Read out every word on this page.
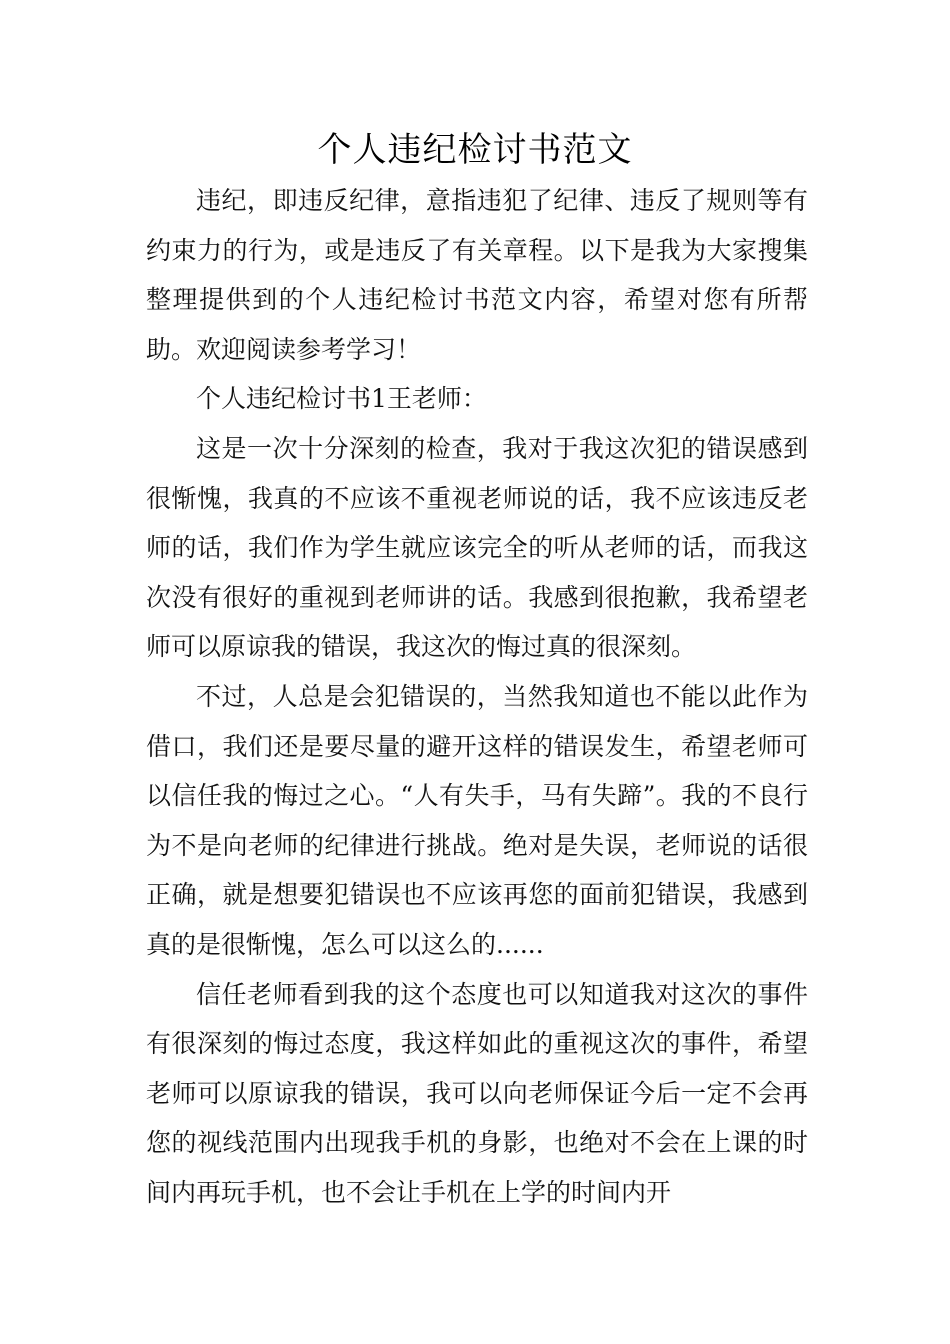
个人违纪检讨书范文

违纪，即违反纪律，意指违犯了纪律、违反了规则等有约束力的行为，或是违反了有关章程。以下是我为大家搜集整理提供到的个人违纪检讨书范文内容，希望对您有所帮助。欢迎阅读参考学习！

个人违纪检讨书1王老师：

这是一次十分深刻的检查，我对于我这次犯的错误感到很惭愧，我真的不应该不重视老师说的话，我不应该违反老师的话，我们作为学生就应该完全的听从老师的话，而我这次没有很好的重视到老师讲的话。我感到很抱歉，我希望老师可以原谅我的错误，我这次的悔过真的很深刻。

不过，人总是会犯错误的，当然我知道也不能以此作为借口，我们还是要尽量的避开这样的错误发生，希望老师可以信任我的悔过之心。“人有失手，马有失蹄”。我的不良行为不是向老师的纪律进行挑战。绝对是失误，老师说的话很正确，就是想要犯错误也不应该再您的面前犯错误，我感到真的是很惭愧，怎么可以这么的......

信任老师看到我的这个态度也可以知道我对这次的事件有很深刻的悔过态度，我这样如此的重视这次的事件，希望老师可以原谅我的错误，我可以向老师保证今后一定不会再您的视线范围内出现我手机的身影，也绝对不会在上课的时间内再玩手机，也不会让手机在上学的时间内开
